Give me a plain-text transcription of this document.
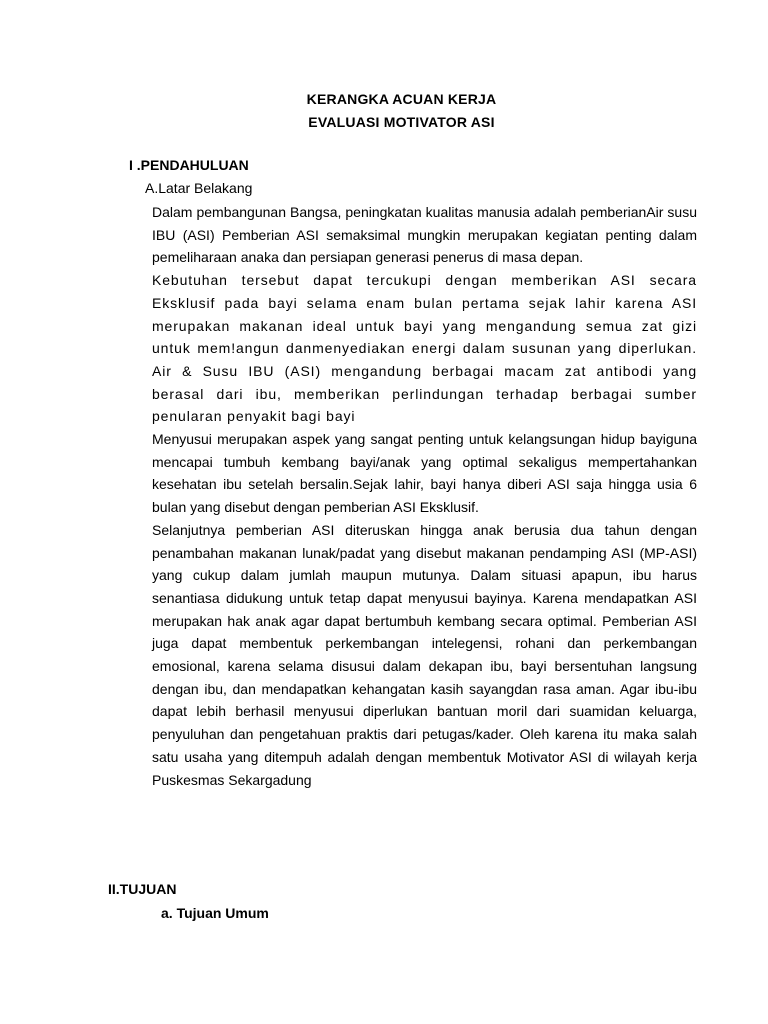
KERANGKA ACUAN KERJA
EVALUASI MOTIVATOR ASI
I .PENDAHULUAN
A.Latar Belakang

Dalam pembangunan Bangsa, peningkatan kualitas manusia adalah pemberianAir susu IBU (ASI) Pemberian ASI semaksimal mungkin merupakan kegiatan penting dalam pemeliharaan anaka dan persiapan generasi penerus di masa depan.

Kebutuhan tersebut dapat tercukupi dengan memberikan ASI secara Eksklusif pada bayi selama enam bulan pertama sejak lahir karena ASI merupakan makanan ideal untuk bayi yang mengandung semua zat gizi untuk mem!angun danmenyediakan energi dalam susunan yang diperlukan. Air & Susu IBU (ASI) mengandung berbagai macam zat antibodi yang berasal dari ibu, memberikan perlindungan terhadap berbagai sumber penularan penyakit bagi bayi

Menyusui merupakan aspek yang sangat penting untuk kelangsungan hidup bayiguna mencapai tumbuh kembang bayi/anak yang optimal sekaligus mempertahankan kesehatan ibu setelah bersalin.Sejak lahir, bayi hanya diberi ASI saja hingga usia 6 bulan yang disebut dengan pemberian ASI Eksklusif.

Selanjutnya pemberian ASI diteruskan hingga anak berusia dua tahun dengan penambahan makanan lunak/padat yang disebut makanan pendamping ASI (MP-ASI) yang cukup dalam jumlah maupun mutunya. Dalam situasi apapun, ibu harus senantiasa didukung untuk tetap dapat menyusui bayinya. Karena mendapatkan ASI merupakan hak anak agar dapat bertumbuh kembang secara optimal. Pemberian ASI juga dapat membentuk perkembangan intelegensi, rohani dan perkembangan emosional, karena selama disusui dalam dekapan ibu, bayi bersentuhan langsung dengan ibu, dan mendapatkan kehangatan kasih sayangdan rasa aman. Agar ibu-ibu dapat lebih berhasil menyusui diperlukan bantuan moril dari suamidan keluarga, penyuluhan dan pengetahuan praktis dari petugas/kader. Oleh karena itu maka salah satu usaha yang ditempuh adalah dengan membentuk Motivator ASI di wilayah kerja Puskesmas Sekargadung

II.TUJUAN
a. Tujuan Umum
